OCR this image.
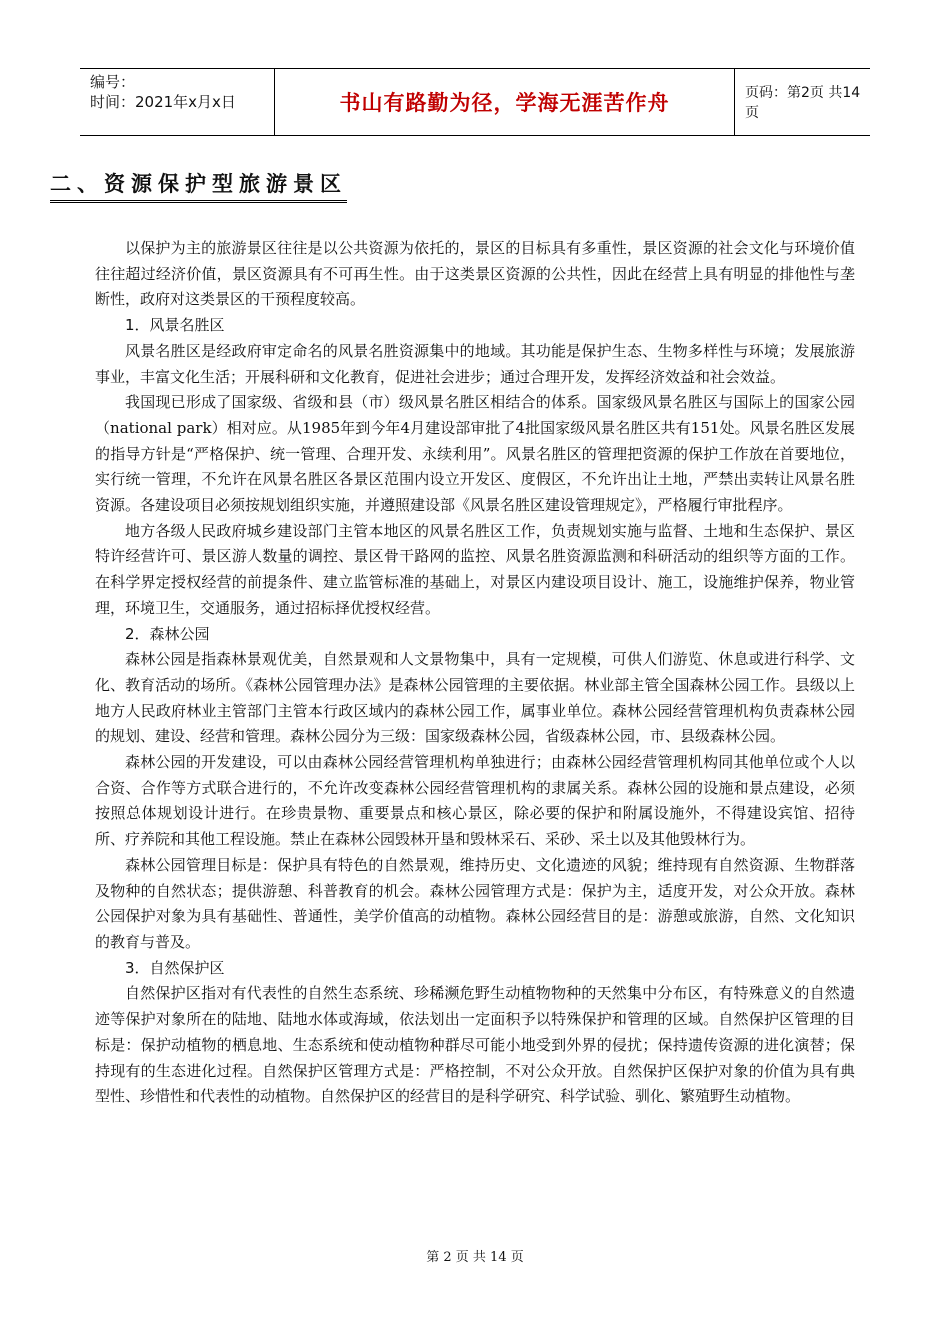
编号：
时间：2021年x月x日	书山有路勤为径，学海无涯苦作舟	页码：第2页 共14页
二、资源保护型旅游景区

以保护为主的旅游景区往往是以公共资源为依托的，景区的目标具有多重性，景区资源的社会文化与环境价值往往超过经济价值，景区资源具有不可再生性。由于这类景区资源的公共性，因此在经营上具有明显的排他性与垄断性，政府对这类景区的干预程度较高。

1．风景名胜区

风景名胜区是经政府审定命名的风景名胜资源集中的地域。其功能是保护生态、生物多样性与环境；发展旅游事业，丰富文化生活；开展科研和文化教育，促进社会进步；通过合理开发，发挥经济效益和社会效益。

我国现已形成了国家级、省级和县（市）级风景名胜区相结合的体系。国家级风景名胜区与国际上的国家公园（national park）相对应。从1985年到今年4月建设部审批了4批国家级风景名胜区共有151处。风景名胜区发展的指导方针是“严格保护、统一管理、合理开发、永续利用”。风景名胜区的管理把资源的保护工作放在首要地位，实行统一管理，不允许在风景名胜区各景区范围内设立开发区、度假区，不允许出让土地，严禁出卖转让风景名胜资源。各建设项目必须按规划组织实施，并遵照建设部《风景名胜区建设管理规定》，严格履行审批程序。

地方各级人民政府城乡建设部门主管本地区的风景名胜区工作，负责规划实施与监督、土地和生态保护、景区特许经营许可、景区游人数量的调控、景区骨干路网的监控、风景名胜资源监测和科研活动的组织等方面的工作。在科学界定授权经营的前提条件、建立监管标准的基础上，对景区内建设项目设计、施工，设施维护保养，物业管理，环境卫生，交通服务，通过招标择优授权经营。

2．森林公园

森林公园是指森林景观优美，自然景观和人文景物集中，具有一定规模，可供人们游览、休息或进行科学、文化、教育活动的场所。《森林公园管理办法》是森林公园管理的主要依据。林业部主管全国森林公园工作。县级以上地方人民政府林业主管部门主管本行政区域内的森林公园工作，属事业单位。森林公园经营管理机构负责森林公园的规划、建设、经营和管理。森林公园分为三级：国家级森林公园，省级森林公园，市、县级森林公园。

森林公园的开发建设，可以由森林公园经营管理机构单独进行；由森林公园经营管理机构同其他单位或个人以合资、合作等方式联合进行的，不允许改变森林公园经营管理机构的隶属关系。森林公园的设施和景点建设，必须按照总体规划设计进行。在珍贵景物、重要景点和核心景区，除必要的保护和附属设施外，不得建设宾馆、招待所、疗养院和其他工程设施。禁止在森林公园毁林开垦和毁林采石、采砂、采土以及其他毁林行为。

森林公园管理目标是：保护具有特色的自然景观，维持历史、文化遗迹的风貌；维持现有自然资源、生物群落及物种的自然状态；提供游憩、科普教育的机会。森林公园管理方式是：保护为主，适度开发，对公众开放。森林公园保护对象为具有基础性、普通性，美学价值高的动植物。森林公园经营目的是：游憩或旅游，自然、文化知识的教育与普及。

3．自然保护区

自然保护区指对有代表性的自然生态系统、珍稀濒危野生动植物物种的天然集中分布区，有特殊意义的自然遗迹等保护对象所在的陆地、陆地水体或海域，依法划出一定面积予以特殊保护和管理的区域。自然保护区管理的目标是：保护动植物的栖息地、生态系统和使动植物种群尽可能小地受到外界的侵扰；保持遗传资源的进化演替；保持现有的生态进化过程。自然保护区管理方式是：严格控制，不对公众开放。自然保护区保护对象的价值为具有典型性、珍惜性和代表性的动植物。自然保护区的经营目的是科学研究、科学试验、驯化、繁殖野生动植物。

第 2 页 共 14 页
